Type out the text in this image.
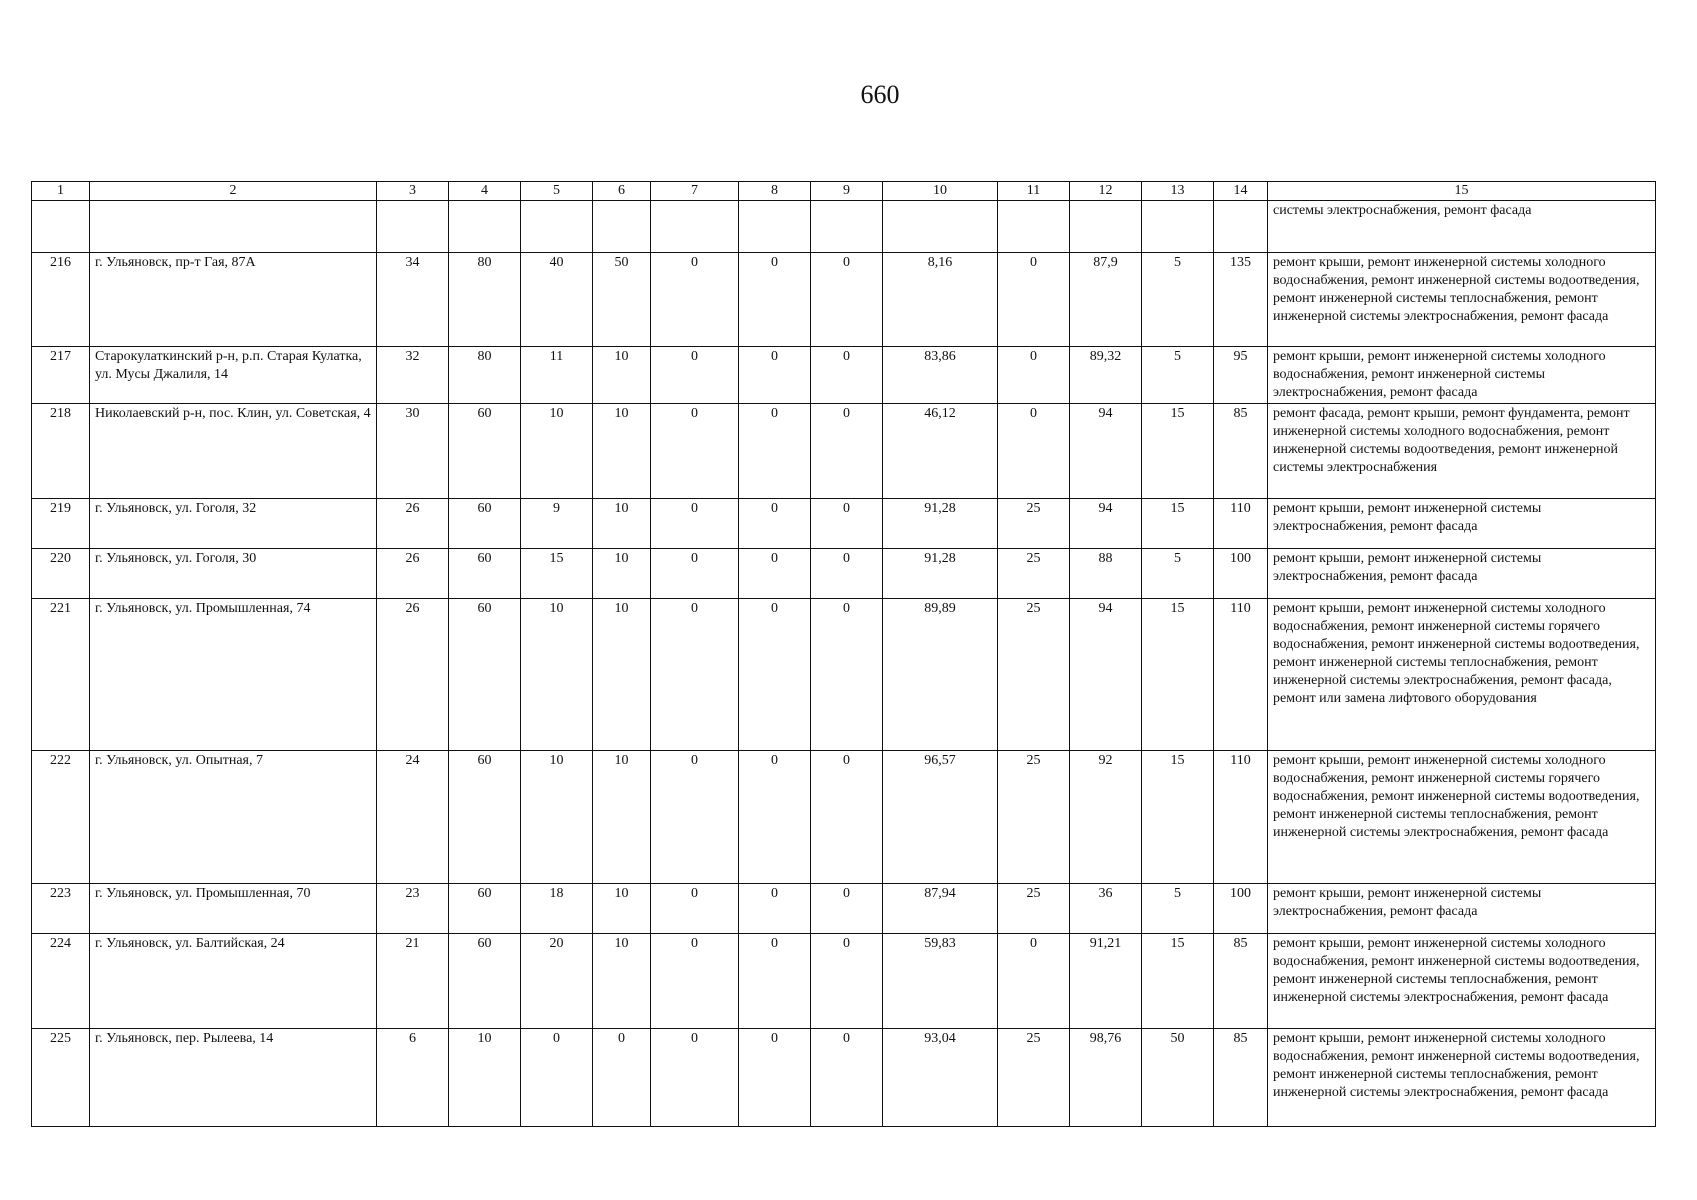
660
1	2	3	4	5	6	7	8	9	10	11	12	13	14	15
														системы электроснабжения, ремонт фасада
216	г. Ульяновск, пр-т Гая, 87А	34	80	40	50	0	0	0	8,16	0	87,9	5	135	ремонт крыши, ремонт инженерной системы холодного водоснабжения, ремонт инженерной системы водоотведения, ремонт инженерной системы теплоснабжения, ремонт инженерной системы электроснабжения, ремонт фасада
217	Старокулаткинский р-н, р.п. Старая Кулатка, ул. Мусы Джалиля, 14	32	80	11	10	0	0	0	83,86	0	89,32	5	95	ремонт крыши, ремонт инженерной системы холодного водоснабжения, ремонт инженерной системы электроснабжения, ремонт фасада
218	Николаевский р-н, пос. Клин, ул. Советская, 4	30	60	10	10	0	0	0	46,12	0	94	15	85	ремонт фасада, ремонт крыши, ремонт фундамента, ремонт инженерной системы холодного водоснабжения, ремонт инженерной системы водоотведения, ремонт инженерной системы электроснабжения
219	г. Ульяновск, ул. Гоголя, 32	26	60	9	10	0	0	0	91,28	25	94	15	110	ремонт крыши, ремонт инженерной системы электроснабжения, ремонт фасада
220	г. Ульяновск, ул. Гоголя, 30	26	60	15	10	0	0	0	91,28	25	88	5	100	ремонт крыши, ремонт инженерной системы электроснабжения, ремонт фасада
221	г. Ульяновск, ул. Промышленная, 74	26	60	10	10	0	0	0	89,89	25	94	15	110	ремонт крыши, ремонт инженерной системы холодного водоснабжения, ремонт инженерной системы горячего водоснабжения, ремонт инженерной системы водоотведения, ремонт инженерной системы теплоснабжения, ремонт инженерной системы электроснабжения, ремонт фасада, ремонт или замена лифтового оборудования
222	г. Ульяновск, ул. Опытная, 7	24	60	10	10	0	0	0	96,57	25	92	15	110	ремонт крыши, ремонт инженерной системы холодного водоснабжения, ремонт инженерной системы горячего водоснабжения, ремонт инженерной системы водоотведения, ремонт инженерной системы теплоснабжения, ремонт инженерной системы электроснабжения, ремонт фасада
223	г. Ульяновск, ул. Промышленная, 70	23	60	18	10	0	0	0	87,94	25	36	5	100	ремонт крыши, ремонт инженерной системы электроснабжения, ремонт фасада
224	г. Ульяновск, ул. Балтийская, 24	21	60	20	10	0	0	0	59,83	0	91,21	15	85	ремонт крыши, ремонт инженерной системы холодного водоснабжения, ремонт инженерной системы водоотведения, ремонт инженерной системы теплоснабжения, ремонт инженерной системы электроснабжения, ремонт фасада
225	г. Ульяновск, пер. Рылеева, 14	6	10	0	0	0	0	0	93,04	25	98,76	50	85	ремонт крыши, ремонт инженерной системы холодного водоснабжения, ремонт инженерной системы водоотведения, ремонт инженерной системы теплоснабжения, ремонт инженерной системы электроснабжения, ремонт фасада
